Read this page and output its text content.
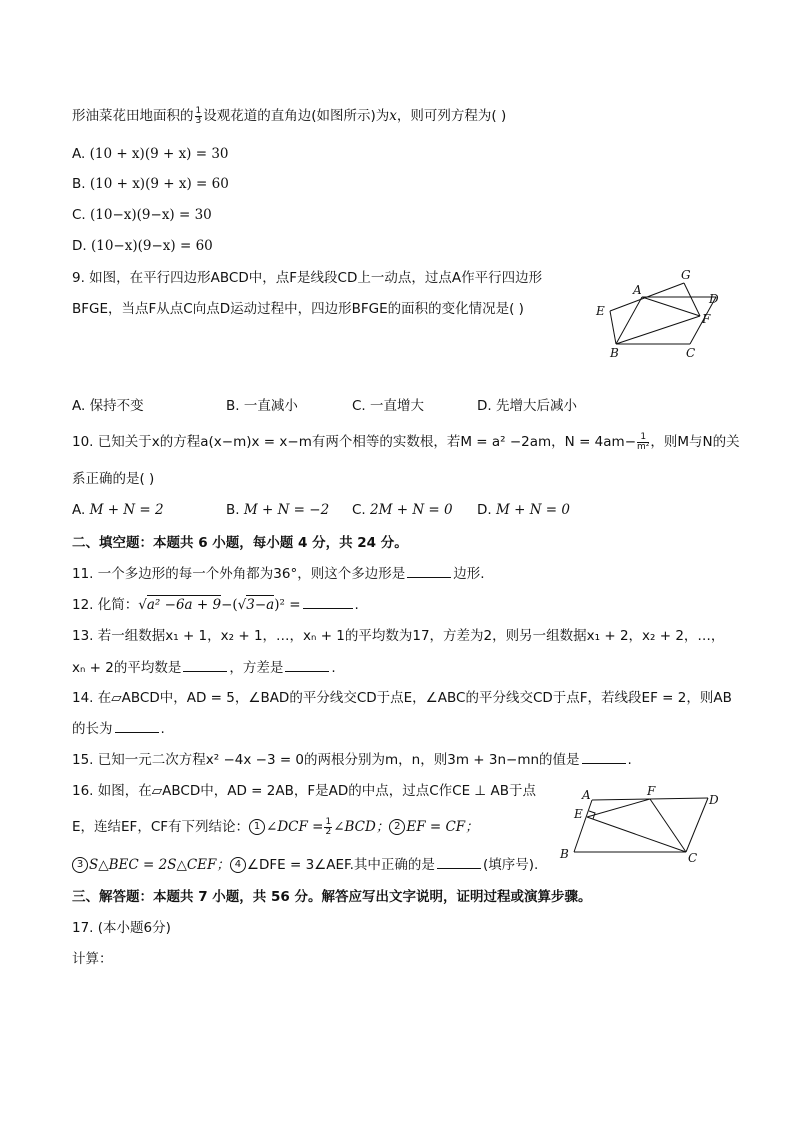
形油菜花田地面积的 $\frac{1}{3}$ 设观花道的直角边(如图所示)为x，则可列方程为( )
A. (10 + x)(9 + x) = 30
B. (10 + x)(9 + x) = 60
C. (10−x)(9−x) = 30
D. (10−x)(9−x) = 60
9. 如图，在平行四边形ABCD中，点F是线段CD上一动点，过点A作平行四边形
BFGE，当点F从点C向点D运动过程中，四边形BFGE的面积的变化情况是( )
G
A
D
E
F
B	C
A. 保持不变	B. 一直减小	C. 一直增大	D. 先增大后减小
10. 已知关于x的方程a(x−m)x = x−m有两个相等的实数根，若M = a² −2am，$N = 4am- \frac{1}{\text{m²}}$ ，则M与N的关
系正确的是( )
A. M + N = 2	B. M + N = −2 C. 2M + N = 0 D. M + N = 0
二、填空题：本题共 6 小题，每小题 4 分，共 24 分。
11. 一个多边形的每一个外角都为36°，则这个多边形是	边形.
12. 化简：√a² −6a + 9−(√3−a)² =	.
13. 若一组数据x₁ + 1，x₂ + 1，…，xₙ + 1的平均数为17，方差为2，则另一组数据x₁ + 2，x₂ + 2，…，
xₙ + 2的平均数是	，方差是	.
14. 在▱ABCD中，AD = 5，∠BAD的平分线交CD于点E，∠ABC的平分线交CD于点F，若线段EF = 2，则AB
的长为	.
15. 已知一元二次方程x² −4x −3 = 0的两根分别为m，n，则3m + 3n−mn的值是	.
16. 如图，在▱ABCD中，AD = 2AB，F是AD的中点，过点C作CE ⊥ AB于点
E，连结EF，CF有下列结论： 1 ∠DCF = $\frac{1}{2}$ ∠BCD； 2 EF = CF；
3 S△BEC = 2S△CEF； 4 ∠DFE = 3∠AEF.其中正确的是	(填序号).
A	F
D
E
B	C
三、解答题：本题共 7 小题，共 56 分。解答应写出文字说明，证明过程或演算步骤。
17. (本小题6分)
计算：
